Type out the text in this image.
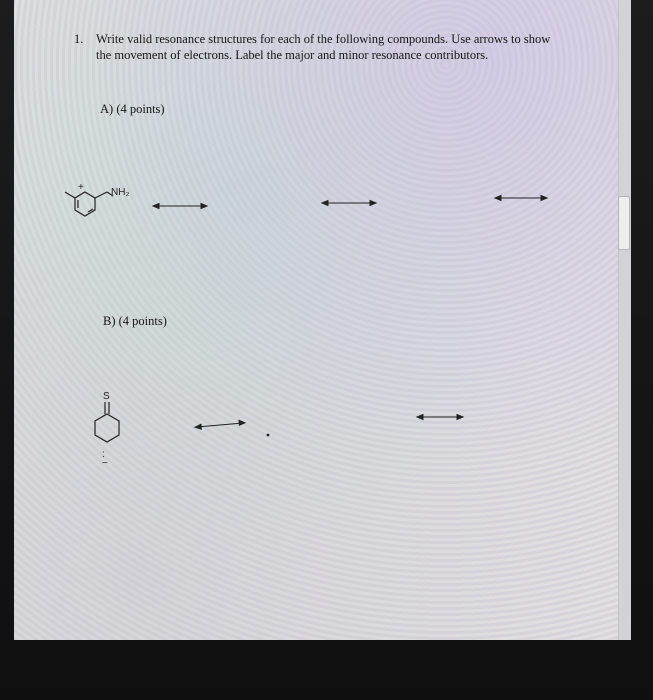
1. Write valid resonance structures for each of the following compounds. Use arrows to show
the movement of electrons. Label the major and minor resonance contributors.
A) (4 points)
B) (4 points)
+	NH₂
S
:
−
